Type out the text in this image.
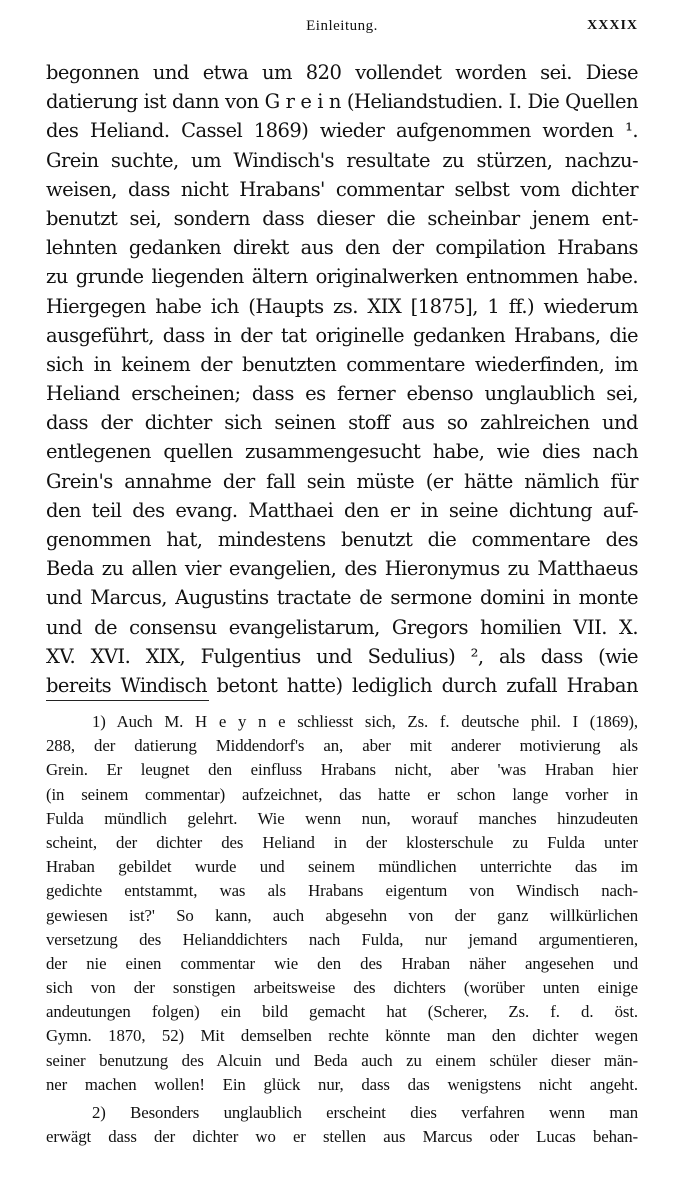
Einleitung.	XXXIX
begonnen und etwa um 820 vollendet worden sei. Diese
datierung ist dann von G r e i n (Heliandstudien. I. Die Quellen
des Heliand. Cassel 1869) wieder aufgenommen worden ¹.
Grein suchte, um Windisch's resultate zu stürzen, nachzu-
weisen, dass nicht Hrabans' commentar selbst vom dichter
benutzt sei, sondern dass dieser die scheinbar jenem ent-
lehnten gedanken direkt aus den der compilation Hrabans
zu grunde liegenden ältern originalwerken entnommen habe.
Hiergegen habe ich (Haupts zs. XIX [1875], 1 ff.) wiederum
ausgeführt, dass in der tat originelle gedanken Hrabans, die
sich in keinem der benutzten commentare wiederfinden, im
Heliand erscheinen; dass es ferner ebenso unglaublich sei,
dass der dichter sich seinen stoff aus so zahlreichen und
entlegenen quellen zusammengesucht habe, wie dies nach
Grein's annahme der fall sein müste (er hätte nämlich für
den teil des evang. Matthaei den er in seine dichtung auf-
genommen hat, mindestens benutzt die commentare des
Beda zu allen vier evangelien, des Hieronymus zu Matthaeus
und Marcus, Augustins tractate de sermone domini in monte
und de consensu evangelistarum, Gregors homilien VII. X.
XV. XVI. XIX, Fulgentius und Sedulius) ², als dass (wie
bereits Windisch betont hatte) lediglich durch zufall Hraban
1) Auch M. H e y n e schliesst sich, Zs. f. deutsche phil. I (1869),
288, der datierung Middendorf's an, aber mit anderer motivierung als
Grein. Er leugnet den einfluss Hrabans nicht, aber 'was Hraban hier
(in seinem commentar) aufzeichnet, das hatte er schon lange vorher in
Fulda mündlich gelehrt. Wie wenn nun, worauf manches hinzudeuten
scheint, der dichter des Heliand in der klosterschule zu Fulda unter
Hraban gebildet wurde und seinem mündlichen unterrichte das im
gedichte entstammt, was als Hrabans eigentum von Windisch nach-
gewiesen ist?' So kann, auch abgesehn von der ganz willkürlichen
versetzung des Helianddichters nach Fulda, nur jemand argumentieren,
der nie einen commentar wie den des Hraban näher angesehen und
sich von der sonstigen arbeitsweise des dichters (worüber unten einige
andeutungen folgen) ein bild gemacht hat (Scherer, Zs. f. d. öst.
Gymn. 1870, 52) Mit demselben rechte könnte man den dichter wegen
seiner benutzung des Alcuin und Beda auch zu einem schüler dieser män-
ner machen wollen! Ein glück nur, dass das wenigstens nicht angeht.
2) Besonders unglaublich erscheint dies verfahren wenn man
erwägt dass der dichter wo er stellen aus Marcus oder Lucas behan-
